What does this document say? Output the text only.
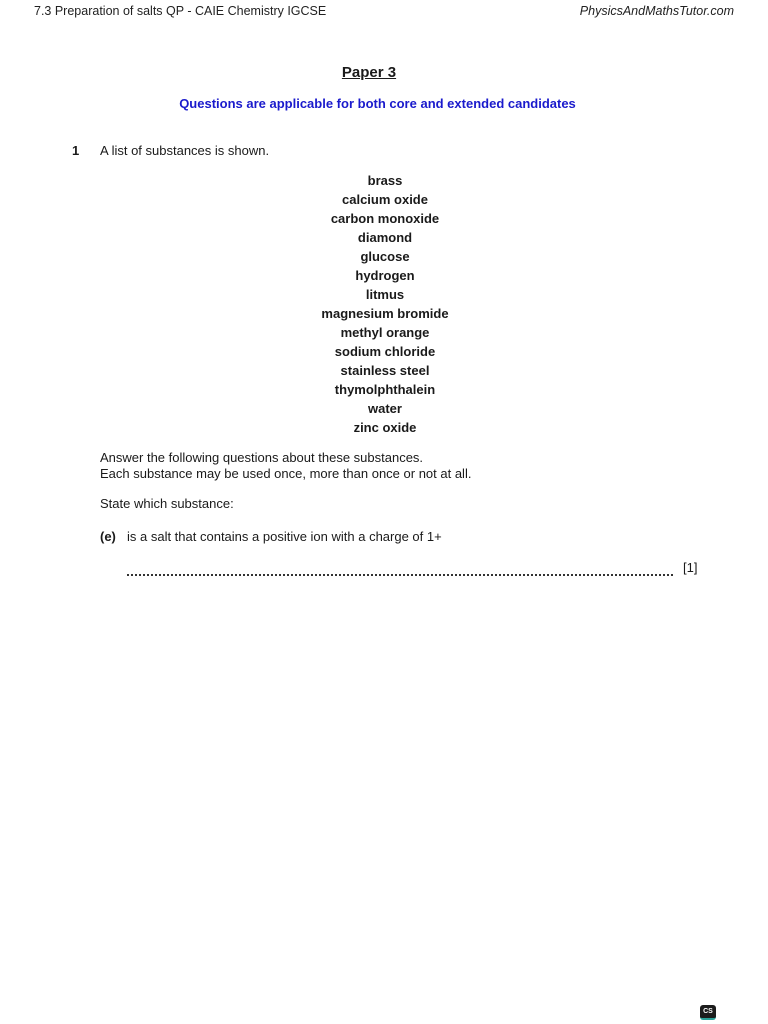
7.3 Preparation of salts QP - CAIE Chemistry IGCSE	PhysicsAndMathsTutor.com
Paper 3
Questions are applicable for both core and extended candidates
1 A list of substances is shown.
brass
calcium oxide
carbon monoxide
diamond
glucose
hydrogen
litmus
magnesium bromide
methyl orange
sodium chloride
stainless steel
thymolphthalein
water
zinc oxide
Answer the following questions about these substances.
Each substance may be used once, more than once or not at all.
State which substance:
(e) is a salt that contains a positive ion with a charge of 1+
[1]
CS
